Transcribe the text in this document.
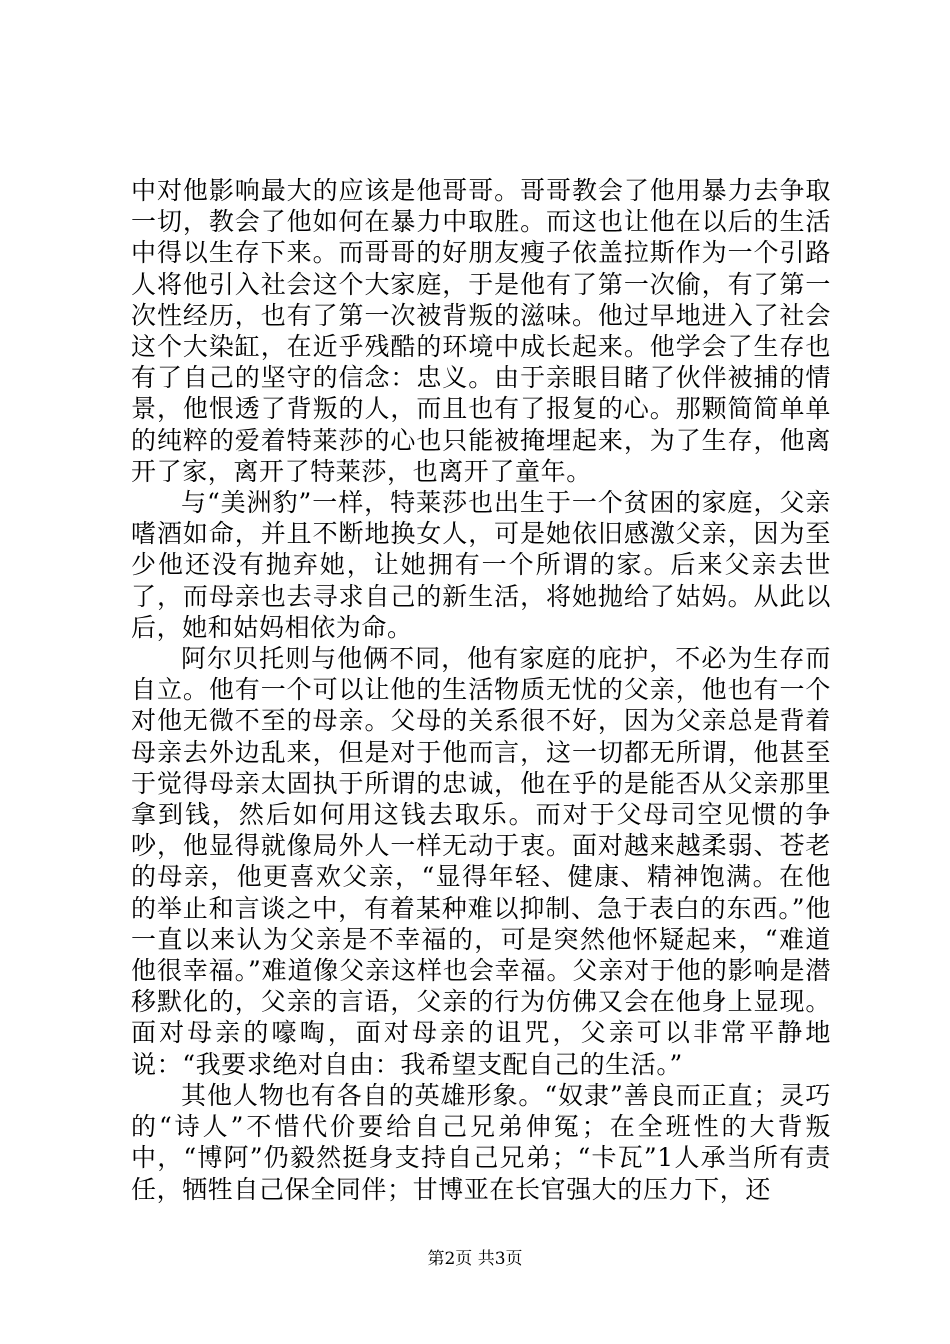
中对他影响最大的应该是他哥哥。哥哥教会了他用暴力去争取一切，教会了他如何在暴力中取胜。而这也让他在以后的生活中得以生存下来。而哥哥的好朋友瘦子依盖拉斯作为一个引路人将他引入社会这个大家庭，于是他有了第一次偷，有了第一次性经历，也有了第一次被背叛的滋味。他过早地进入了社会这个大染缸，在近乎残酷的环境中成长起来。他学会了生存也有了自己的坚守的信念：忠义。由于亲眼目睹了伙伴被捕的情景，他恨透了背叛的人，而且也有了报复的心。那颗简简单单的纯粹的爱着特莱莎的心也只能被掩埋起来，为了生存，他离开了家，离开了特莱莎，也离开了童年。

与“美洲豹”一样，特莱莎也出生于一个贫困的家庭，父亲嗜酒如命，并且不断地换女人，可是她依旧感激父亲，因为至少他还没有抛弃她，让她拥有一个所谓的家。后来父亲去世了，而母亲也去寻求自己的新生活，将她抛给了姑妈。从此以后，她和姑妈相依为命。

阿尔贝托则与他俩不同，他有家庭的庇护，不必为生存而自立。他有一个可以让他的生活物质无忧的父亲，他也有一个对他无微不至的母亲。父母的关系很不好，因为父亲总是背着母亲去外边乱来，但是对于他而言，这一切都无所谓，他甚至于觉得母亲太固执于所谓的忠诚，他在乎的是能否从父亲那里拿到钱，然后如何用这钱去取乐。而对于父母司空见惯的争吵，他显得就像局外人一样无动于衷。面对越来越柔弱、苍老的母亲，他更喜欢父亲，“显得年轻、健康、精神饱满。在他的举止和言谈之中，有着某种难以抑制、急于表白的东西。”他一直以来认为父亲是不幸福的，可是突然他怀疑起来，“难道他很幸福。”难道像父亲这样也会幸福。父亲对于他的影响是潜移默化的，父亲的言语，父亲的行为仿佛又会在他身上显现。面对母亲的嚎啕，面对母亲的诅咒，父亲可以非常平静地说：“我要求绝对自由：我希望支配自己的生活。”

其他人物也有各自的英雄形象。“奴隶”善良而正直；灵巧的“诗人”不惜代价要给自己兄弟伸冤；在全班性的大背叛中，“博阿”仍毅然挺身支持自己兄弟；“卡瓦”1人承当所有责任，牺牲自己保全同伴；甘博亚在长官强大的压力下，还

第2页 共3页
